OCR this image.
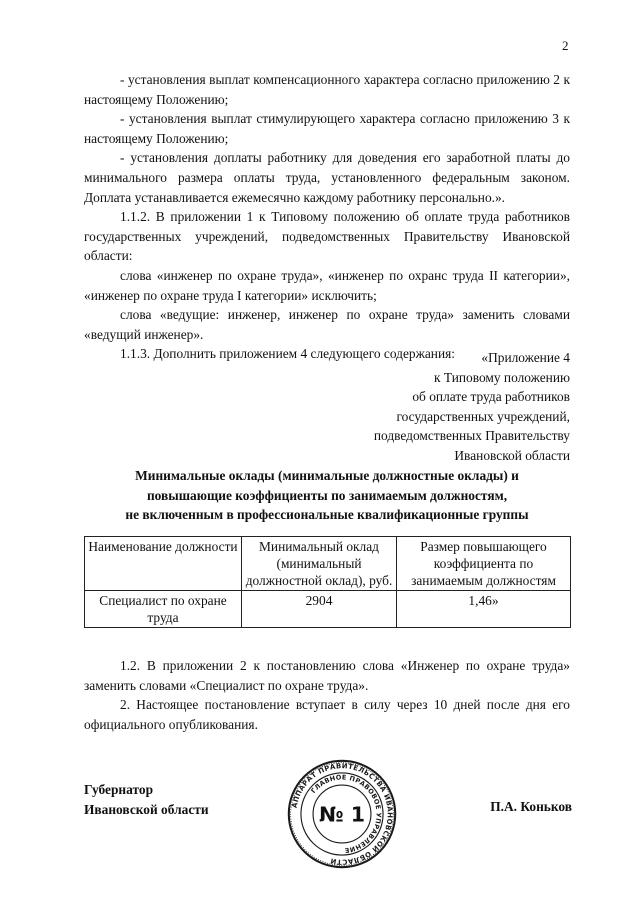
2

- установления выплат компенсационного характера согласно приложению 2 к настоящему Положению;

- установления выплат стимулирующего характера согласно приложению 3 к настоящему Положению;

- установления доплаты работнику для доведения его заработной платы до минимального размера оплаты труда, установленного федеральным законом. Доплата устанавливается ежемесячно каждому работнику персонально.».

1.1.2. В приложении 1 к Типовому положению об оплате труда работников государственных учреждений, подведомственных Правительству Ивановской области:

слова «инженер по охране труда», «инженер по охранс труда II категории», «инженер по охране труда I категории» исключить;

слова «ведущие: инженер, инженер по охране труда» заменить словами «ведущий инженер».

1.1.3. Дополнить приложением 4 следующего содержания:	«Приложение 4
к Типовому положению
об оплате труда работников
государственных учреждений,
подведомственных Правительству
Ивановской области
Минимальные оклады (минимальные должностные оклады) и
повышающие коэффициенты по занимаемым должностям,
не включенным в профессиональные квалификационные группы
Наименование должности	Минимальный оклад (минимальный должностной оклад), руб.	Размер повышающего коэффициента по занимаемым должностям
Специалист по охране труда	2904	1,46»

1.2. В приложении 2 к постановлению слова «Инженер по охране труда» заменить словами «Специалист по охране труда».

2. Настоящее постановление вступает в силу через 10 дней после дня его официального опубликования.

Губернатор
Ивановской области	АППАРАТ ПРАВИТЕЛЬСТВА ИВАНОВСКОЙ ОБЛАСТИ
ГЛАВНОЕ ПРАВОВОЕ УПРАВЛЕНИЕ
№ 1	П.А. Коньков
